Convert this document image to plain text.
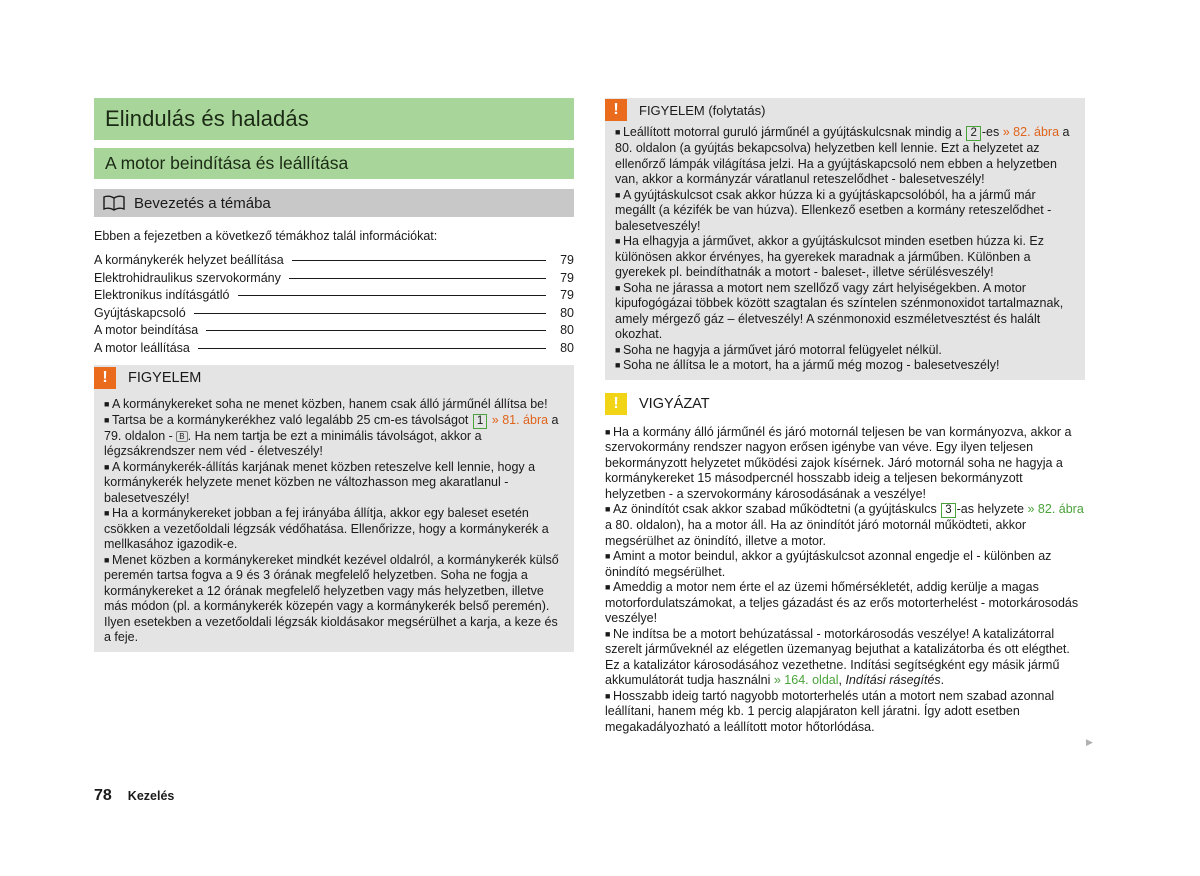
Elindulás és haladás
A motor beindítása és leállítása
Bevezetés a témába
Ebben a fejezetben a következő témákhoz talál információkat:
A kormánykerék helyzet beállítása	79
Elektrohidraulikus szervokormány	79
Elektronikus indításgátló	79
Gyújtáskapcsoló	80
A motor beindítása	80
A motor leállítása	80
!	FIGYELEM

■ A kormánykereket soha ne menet közben, hanem csak álló járműnél állítsa be!

■ Tartsa be a kormánykerékhez való legalább 25 cm-es távolságot 1 » 81. ábra a 79. oldalon - B . Ha nem tartja be ezt a minimális távolságot, akkor a légzsákrendszer nem véd - életveszély!

■ A kormánykerék-állítás karjának menet közben reteszelve kell lennie, hogy a kormánykerék helyzete menet közben ne változhasson meg akaratlanul - balesetveszély!

■ Ha a kormánykereket jobban a fej irányába állítja, akkor egy baleset esetén csökken a vezetőoldali légzsák védőhatása. Ellenőrizze, hogy a kormánykerék a mellkasához igazodik-e.

■ Menet közben a kormánykereket mindkét kezével oldalról, a kormánykerék külső peremén tartsa fogva a 9 és 3 órának megfelelő helyzetben. Soha ne fogja a kormánykereket a 12 órának megfelelő helyzetben vagy más helyzetben, illetve más módon (pl. a kormánykerék közepén vagy a kormánykerék belső peremén). Ilyen esetekben a vezetőoldali légzsák kioldásakor megsérülhet a karja, a keze és a feje.

!	FIGYELEM (folytatás)

■ Leállított motorral guruló járműnél a gyújtáskulcsnak mindig a 2 -es » 82. ábra a 80. oldalon (a gyújtás bekapcsolva) helyzetben kell lennie. Ezt a helyzetet az ellenőrző lámpák világítása jelzi. Ha a gyújtáskapcsoló nem ebben a helyzetben van, akkor a kormányzár váratlanul reteszelődhet - balesetveszély!

■ A gyújtáskulcsot csak akkor húzza ki a gyújtáskapcsolóból, ha a jármű már megállt (a kézifék be van húzva). Ellenkező esetben a kormány reteszelődhet - balesetveszély!

■ Ha elhagyja a járművet, akkor a gyújtáskulcsot minden esetben húzza ki. Ez különösen akkor érvényes, ha gyerekek maradnak a járműben. Különben a gyerekek pl. beindíthatnák a motort - baleset-, illetve sérülésveszély!

■ Soha ne járassa a motort nem szellőző vagy zárt helyiségekben. A motor kipufogógázai többek között szagtalan és színtelen szénmonoxidot tartalmaznak, amely mérgező gáz – életveszély! A szénmonoxid eszméletvesztést és halált okozhat.

■ Soha ne hagyja a járművet járó motorral felügyelet nélkül.

■ Soha ne állítsa le a motort, ha a jármű még mozog - balesetveszély!

!	VIGYÁZAT

■ Ha a kormány álló járműnél és járó motornál teljesen be van kormányozva, akkor a szervokormány rendszer nagyon erősen igénybe van véve. Egy ilyen teljesen bekormányzott helyzetet működési zajok kísérnek. Járó motornál soha ne hagyja a kormánykereket 15 másodpercnél hosszabb ideig a teljesen bekormányzott helyzetben - a szervokormány károsodásának a veszélye!

■ Az önindítót csak akkor szabad működtetni (a gyújtáskulcs 3 -as helyzete » 82. ábra a 80. oldalon), ha a motor áll. Ha az önindítót járó motornál működteti, akkor megsérülhet az önindító, illetve a motor.

■ Amint a motor beindul, akkor a gyújtáskulcsot azonnal engedje el - különben az önindító megsérülhet.

■ Ameddig a motor nem érte el az üzemi hőmérsékletét, addig kerülje a magas motorfordulatszámokat, a teljes gázadást és az erős motorterhelést - motorkárosodás veszélye!

■ Ne indítsa be a motort behúzatással - motorkárosodás veszélye! A katalizátorral szerelt járműveknél az elégetlen üzemanyag bejuthat a katalizátorba és ott elégthet. Ez a katalizátor károsodásához vezethetne. Indítási segítségként egy másik jármű akkumulátorát tudja használni » 164. oldal, Indítási rásegítés.

■ Hosszabb ideig tartó nagyobb motorterhelés után a motort nem szabad azonnal leállítani, hanem még kb. 1 percig alapjáraton kell járatni. Így adott esetben megakadályozható a leállított motor hőtorlódása.

▶
78 Kezelés
